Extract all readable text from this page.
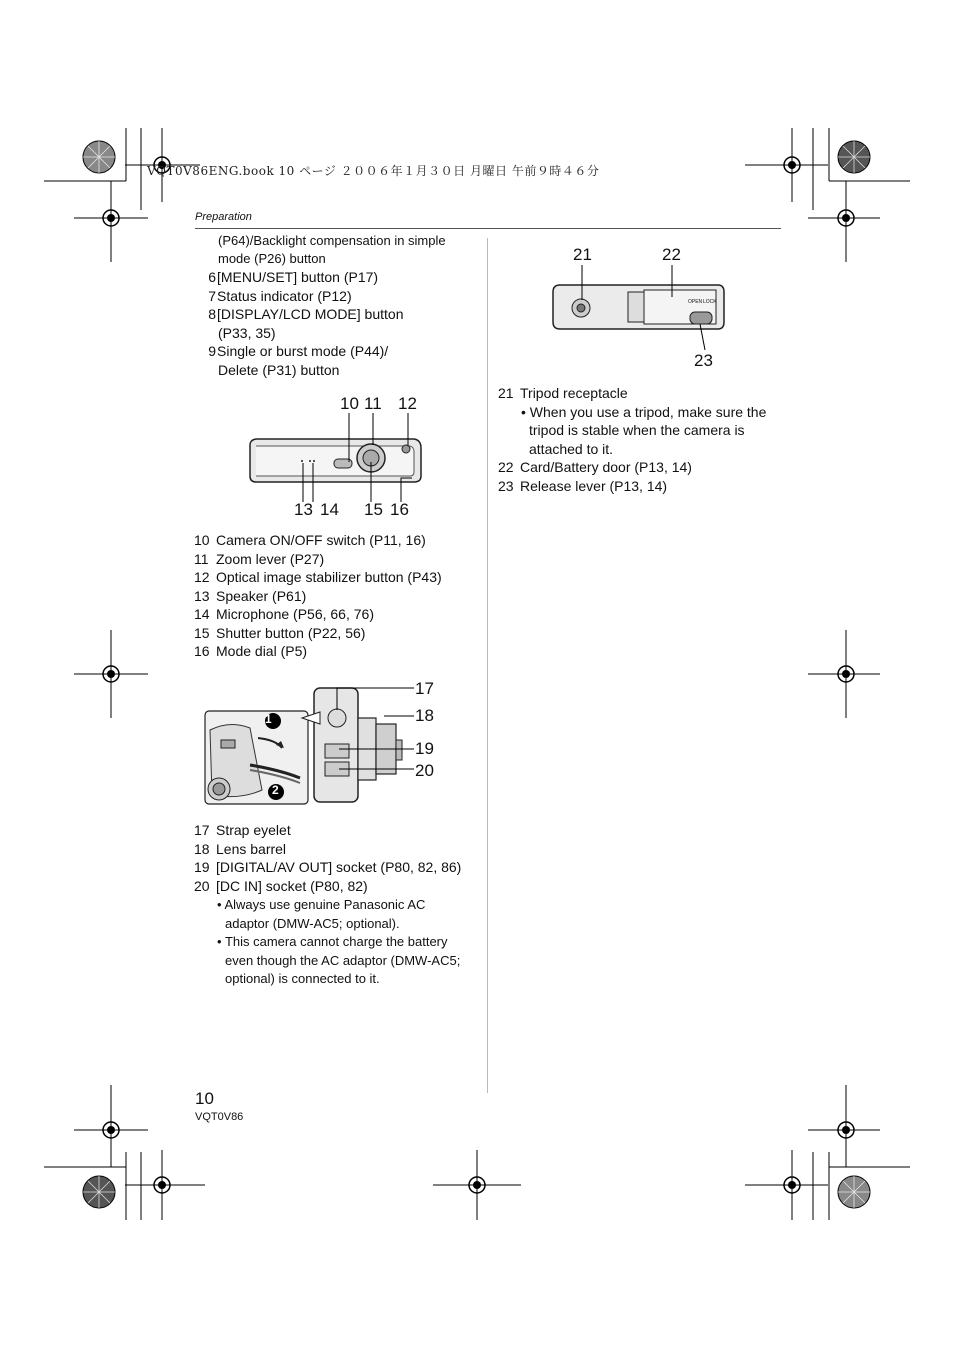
VQT0V86ENG.book 10 ページ ２００６年１月３０日 月曜日 午前９時４６分
Preparation
(P64)/Backlight compensation in simple
mode (P26) button
6[MENU/SET] button (P17)
7Status indicator (P12)
8[DISPLAY/LCD MODE] button
(P33, 35)
9Single or burst mode (P44)/
Delete (P31) button
10 11 12
13 14 15 16
10 Camera ON/OFF switch (P11, 16)
11 Zoom lever (P27)
12 Optical image stabilizer button (P43)
13 Speaker (P61)
14 Microphone (P56, 66, 76)
15 Shutter button (P22, 56)
16 Mode dial (P5)
1
2
17
18
19
20
17 Strap eyelet
18 Lens barrel
19 [DIGITAL/AV OUT] socket (P80, 82, 86)
20 [DC IN] socket (P80, 82)
• Always use genuine Panasonic AC
adaptor (DMW-AC5; optional).
• This camera cannot charge the battery
even though the AC adaptor (DMW-AC5;
optional) is connected to it.
OPEN LOCK
21	22
23
21 Tripod receptacle
• When you use a tripod, make sure the
tripod is stable when the camera is
attached to it.
22 Card/Battery door (P13, 14)
23 Release lever (P13, 14)
10
VQT0V86
